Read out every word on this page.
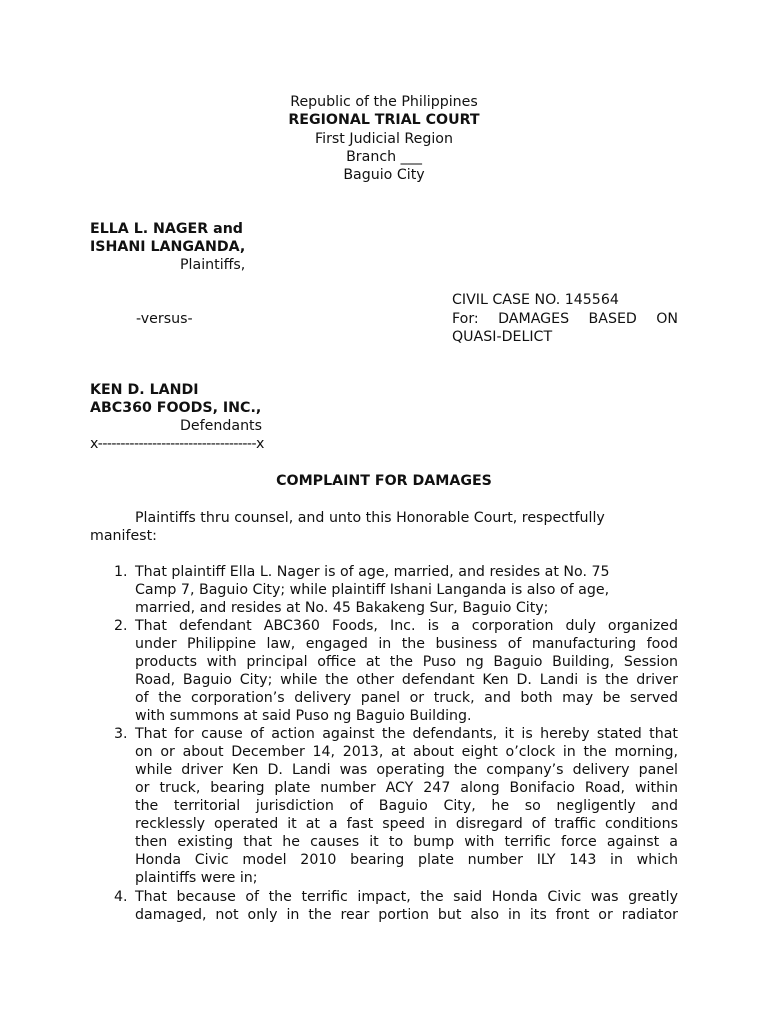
Republic of the Philippines
REGIONAL TRIAL COURT
First Judicial Region
Branch ___
Baguio City
ELLA L. NAGER and
ISHANI LANGANDA,
Plaintiffs,
CIVIL CASE NO. 145564
-versus-	For: DAMAGES BASED ON
QUASI-DELICT
KEN D. LANDI
ABC360 FOODS, INC.,
Defendants
x-----------------------------------x
COMPLAINT FOR DAMAGES
Plaintiffs thru counsel, and unto this Honorable Court, respectfully
manifest:
1. That plaintiff Ella L. Nager is of age, married, and resides at No. 75
Camp 7, Baguio City; while plaintiff Ishani Langanda is also of age,
married, and resides at No. 45 Bakakeng Sur, Baguio City;
2. That defendant ABC360 Foods, Inc. is a corporation duly organized
under Philippine law, engaged in the business of manufacturing food
products with principal office at the Puso ng Baguio Building, Session
Road, Baguio City; while the other defendant Ken D. Landi is the driver
of the corporation’s delivery panel or truck, and both may be served
with summons at said Puso ng Baguio Building.
3. That for cause of action against the defendants, it is hereby stated that
on or about December 14, 2013, at about eight o’clock in the morning,
while driver Ken D. Landi was operating the company’s delivery panel
or truck, bearing plate number ACY 247 along Bonifacio Road, within
the territorial jurisdiction of Baguio City, he so negligently and
recklessly operated it at a fast speed in disregard of traffic conditions
then existing that he causes it to bump with terrific force against a
Honda Civic model 2010 bearing plate number ILY 143 in which
plaintiffs were in;
4. That because of the terrific impact, the said Honda Civic was greatly
damaged, not only in the rear portion but also in its front or radiator
